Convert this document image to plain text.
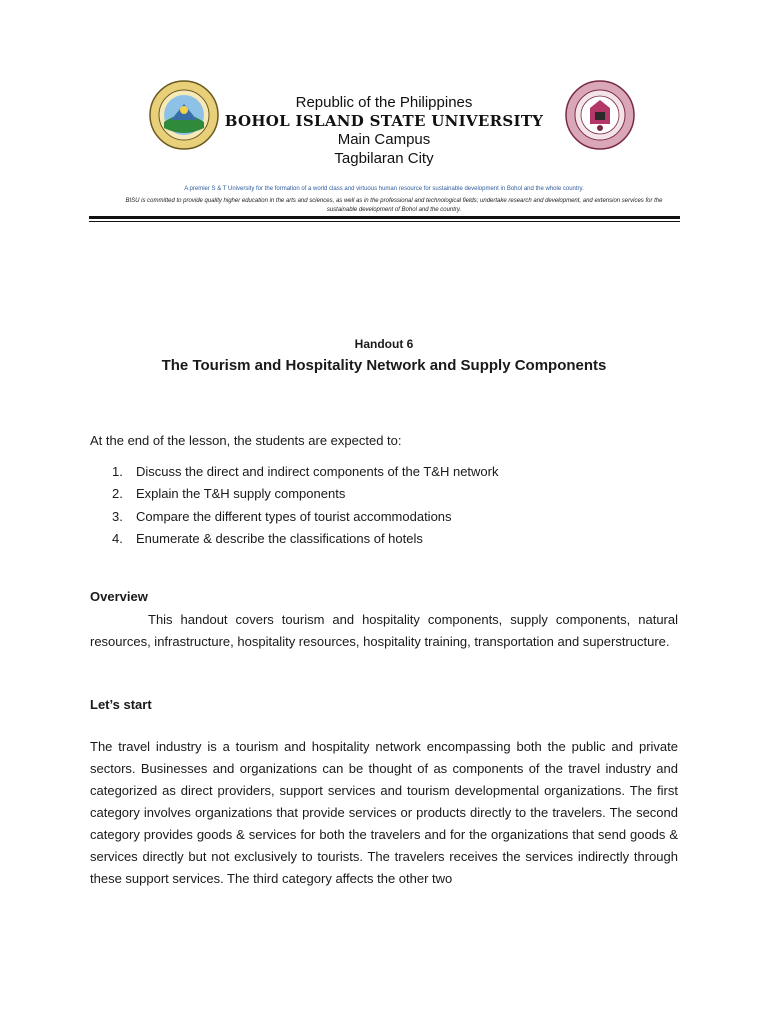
Republic of the Philippines
BOHOL ISLAND STATE UNIVERSITY
Main Campus
Tagbilaran City
A premier S & T University for the formation of a world class and virtuous human resource for sustainable development in Bohol and the whole country.
BISU is committed to provide quality higher education in the arts and sciences, as well as in the professional and technological fields; undertake research and development, and extension services for the sustainable development of Bohol and the country.
Handout 6
The Tourism and Hospitality Network and Supply Components
At the end of the lesson, the students are expected to:
1. Discuss the direct and indirect components of the T&H network
2. Explain the T&H supply components
3. Compare the different types of tourist accommodations
4. Enumerate & describe the classifications of hotels
Overview
This handout covers tourism and hospitality components, supply components, natural resources, infrastructure, hospitality resources, hospitality training, transportation and superstructure.
Let’s start
The travel industry is a tourism and hospitality network encompassing both the public and private sectors. Businesses and organizations can be thought of as components of the travel industry and categorized as direct providers, support services and tourism developmental organizations. The first category involves organizations that provide services or products directly to the travelers. The second category provides goods & services for both the travelers and for the organizations that send goods & services directly but not exclusively to tourists. The travelers receives the services indirectly through these support services. The third category affects the other two
